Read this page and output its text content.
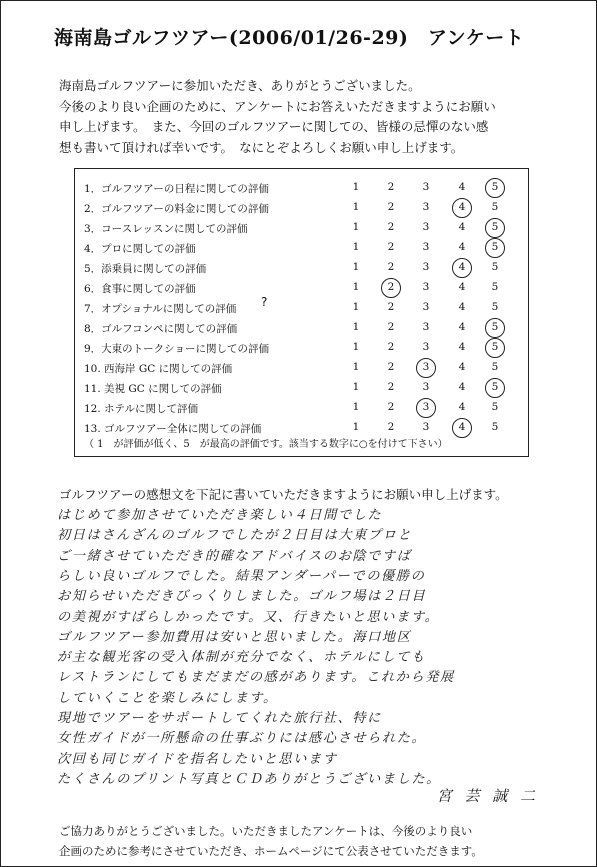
海南島ゴルフツアー(2006/01/26-29)　アンケート
海南島ゴルフツアーに参加いただき、ありがとうございました。
今後のより良い企画のために、アンケートにお答えいただきますようにお願い
申し上げます。　また、今回のゴルフツアーに関しての、皆様の忌憚のない感
想も書いて頂ければ幸いです。　なにとぞよろしくお願い申し上げます。
（ 1　が評価が低く、5　が最高の評価です。該当する数字に○を付けて下さい）
1．ゴルフツアーの日程に関しての評価	1	2	3	4	5
2．ゴルフツアーの料金に関しての評価	1	2	3	4	5
3．コースレッスンに関しての評価	1	2	3	4	5
4．プロに関しての評価	1	2	3	4	5
5．添乗員に関しての評価	1	2	3	4	5
6．食事に関しての評価	1	2	3	4	5
7．オプショナルに関しての評価 ?	1	2	3	4	5
8．ゴルフコンペに関しての評価	1	2	3	4	5
9．大東のトークショーに関しての評価	1	2	3	4	5
10. 西海岸 GC に関しての評価	1	2	3	4	5
11. 美視 GC に関しての評価	1	2	3	4	5
12. ホテルに関して評価	1	2	3	4	5
13. ゴルフツアー全体に関しての評価	1	2	3	4	5
ゴルフツアーの感想文を下記に書いていただきますようにお願い申し上げます。
宮 芸 誠 二
はじめて参加させていただき楽しい４日間でした
初日はさんざんのゴルフでしたが２日目は大東プロと
ご一緒させていただき的確なアドバイスのお陰ですば
らしい良いゴルフでした。結果アンダーパーでの優勝の
お知らせいただきびっくりしました。ゴルフ場は２日目
の美視がすばらしかったです。又、行きたいと思います。
ゴルフツアー参加費用は安いと思いました。海口地区
が主な観光客の受入体制が充分でなく、ホテルにしても
レストランにしてもまだまだの感があります。これから発展
していくことを楽しみにします。
現地でツアーをサポートしてくれた旅行社、特に
女性ガイドが一所懸命の仕事ぶりには感心させられた。
次回も同じガイドを指名したいと思います
たくさんのプリント写真とＣＤありがとうございました。
ご協力ありがとうございました。いただきましたアンケートは、今後のより良い
企画のために参考にさせていただき、ホームページにて公表させていただきます。
